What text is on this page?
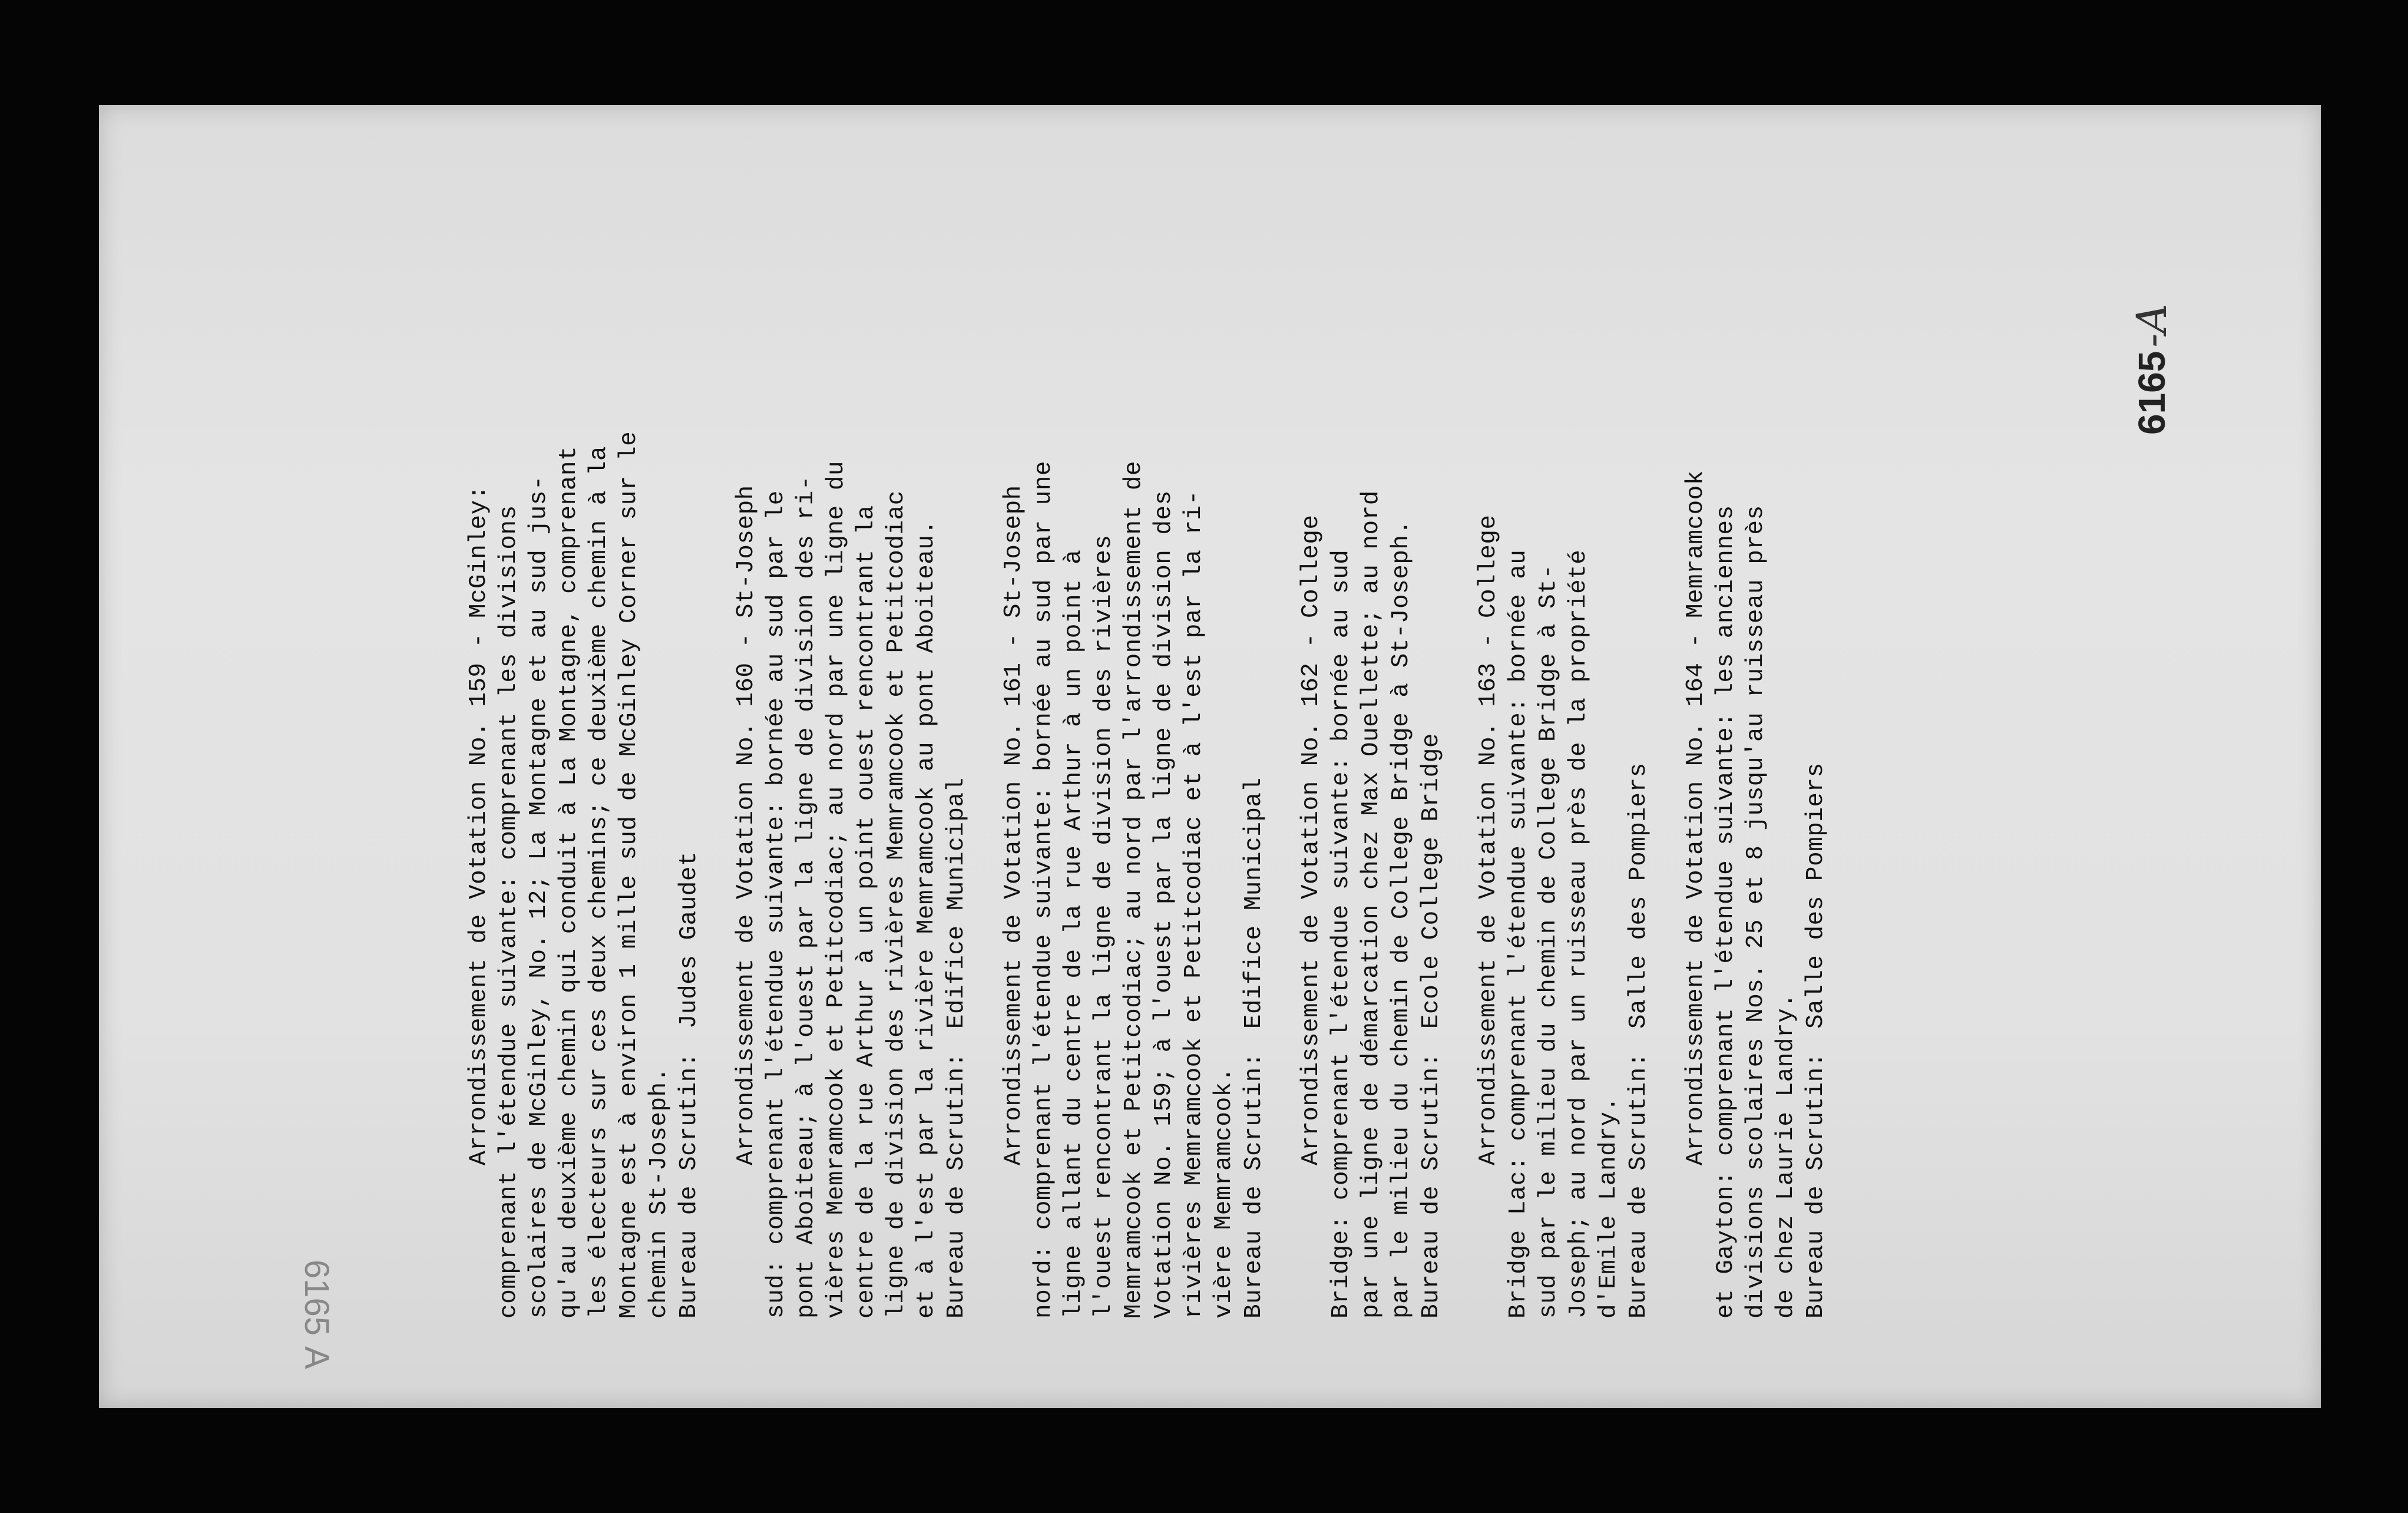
6165
-A
6165
A

Arrondissement de Votation No. 159 - McGinley: comprenant l'étendue suivante: comprenant les divisions scolaires de McGinley, No. 12; La Montagne et au sud jus- qu'au deuxième chemin qui conduit à La Montagne, comprenant les électeurs sur ces deux chemins; ce deuxième chemin à la Montagne est à environ 1 mille sud de McGinley Corner sur le chemin St-Joseph. Bureau de Scrutin:Judes Gaudet Arrondissement de Votation No. 160 - St-Joseph sud: comprenant l'étendue suivante: bornée au sud par le pont Aboiteau; à l'ouest par la ligne de division des ri- vières Memramcook et Petitcodiac; au nord par une ligne du centre de la rue Arthur à un point ouest rencontrant la ligne de division des rivières Memramcook et Petitcodiac et à l'est par la rivière Memramcook au pont Aboiteau. Bureau de Scrutin:Edifice Municipal Arrondissement de Votation No. 161 - St-Joseph nord: comprenant l'étendue suivante: bornée au sud par une ligne allant du centre de la rue Arthur à un point à l'ouest rencontrant la ligne de division des rivières Memramcook et Petitcodiac; au nord par l'arrondissement de Votation No. 159; à l'ouest par la ligne de division des rivières Memramcook et Petitcodiac et à l'est par la ri- vière Memramcook. Bureau de Scrutin:Edifice Municipal Arrondissement de Votation No. 162 - College Bridge: comprenant l'étendue suivante: bornée au sud par une ligne de démarcation chez Max Ouellette; au nord par le milieu du chemin de College Bridge à St-Joseph. Bureau de Scrutin:Ecole College Bridge Arrondissement de Votation No. 163 - College Bridge Lac: comprenant l'étendue suivante: bornée au sud par le milieu du chemin de College Bridge à St- Joseph; au nord par un ruisseau près de la propriété d'Emile Landry. Bureau de Scrutin:Salle des Pompiers Arrondissement de Votation No. 164 - Memramcook et Gayton: comprenant l'étendue suivante: les anciennes divisions scolaires Nos. 25 et 8 jusqu'au ruisseau près de chez Laurie Landry. Bureau de Scrutin:Salle des Pompiers
